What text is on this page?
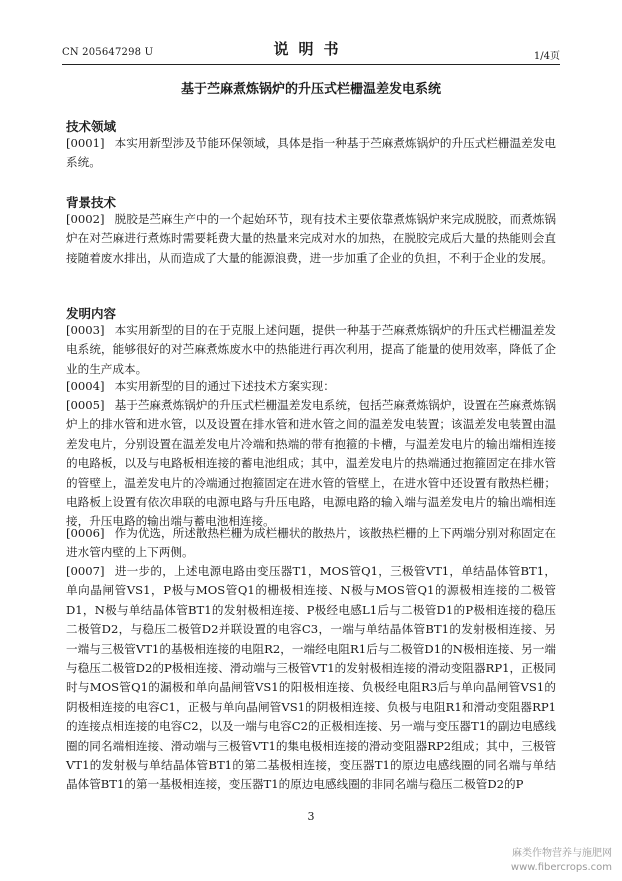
CN 205647298 U	说明书	1/4页
基于苎麻煮炼锅炉的升压式栏栅温差发电系统
技术领域
[0001] 本实用新型涉及节能环保领域，具体是指一种基于苎麻煮炼锅炉的升压式栏栅温差发电系统。
背景技术
[0002] 脱胶是苎麻生产中的一个起始环节，现有技术主要依靠煮炼锅炉来完成脱胶，而煮炼锅炉在对苎麻进行煮炼时需要耗费大量的热量来完成对水的加热，在脱胶完成后大量的热能则会直接随着废水排出，从而造成了大量的能源浪费，进一步加重了企业的负担，不利于企业的发展。
发明内容
[0003] 本实用新型的目的在于克服上述问题，提供一种基于苎麻煮炼锅炉的升压式栏栅温差发电系统，能够很好的对苎麻煮炼废水中的热能进行再次利用，提高了能量的使用效率，降低了企业的生产成本。
[0004] 本实用新型的目的通过下述技术方案实现：
[0005] 基于苎麻煮炼锅炉的升压式栏栅温差发电系统，包括苎麻煮炼锅炉，设置在苎麻煮炼锅炉上的排水管和进水管，以及设置在排水管和进水管之间的温差发电装置；该温差发电装置由温差发电片，分别设置在温差发电片冷端和热端的带有抱箍的卡槽，与温差发电片的输出端相连接的电路板，以及与电路板相连接的蓄电池组成；其中，温差发电片的热端通过抱箍固定在排水管的管壁上，温差发电片的冷端通过抱箍固定在进水管的管壁上，在进水管中还设置有散热栏栅；电路板上设置有依次串联的电源电路与升压电路，电源电路的输入端与温差发电片的输出端相连接，升压电路的输出端与蓄电池相连接。
[0006] 作为优选，所述散热栏栅为成栏栅状的散热片，该散热栏栅的上下两端分别对称固定在进水管内壁的上下两侧。
[0007] 进一步的，上述电源电路由变压器T1，MOS管Q1，三极管VT1，单结晶体管BT1，单向晶闸管VS1，P极与MOS管Q1的栅极相连接、N极与MOS管Q1的源极相连接的二极管D1，N极与单结晶体管BT1的发射极相连接、P极经电感L1后与二极管D1的P极相连接的稳压二极管D2，与稳压二极管D2并联设置的电容C3，一端与单结晶体管BT1的发射极相连接、另一端与三极管VT1的基极相连接的电阻R2，一端经电阻R1后与二极管D1的N极相连接、另一端与稳压二极管D2的P极相连接、滑动端与三极管VT1的发射极相连接的滑动变阻器RP1，正极同时与MOS管Q1的漏极和单向晶闸管VS1的阳极相连接、负极经电阻R3后与单向晶闸管VS1的阴极相连接的电容C1，正极与单向晶闸管VS1的阴极相连接、负极与电阻R1和滑动变阻器RP1的连接点相连接的电容C2，以及一端与电容C2的正极相连接、另一端与变压器T1的副边电感线圈的同名端相连接、滑动端与三极管VT1的集电极相连接的滑动变阻器RP2组成；其中，三极管VT1的发射极与单结晶体管BT1的第二基极相连接，变压器T1的原边电感线圈的同名端与单结晶体管BT1的第一基极相连接，变压器T1的原边电感线圈的非同名端与稳压二极管D2的P
3
麻类作物营养与施肥网
www.fibercrops.com
